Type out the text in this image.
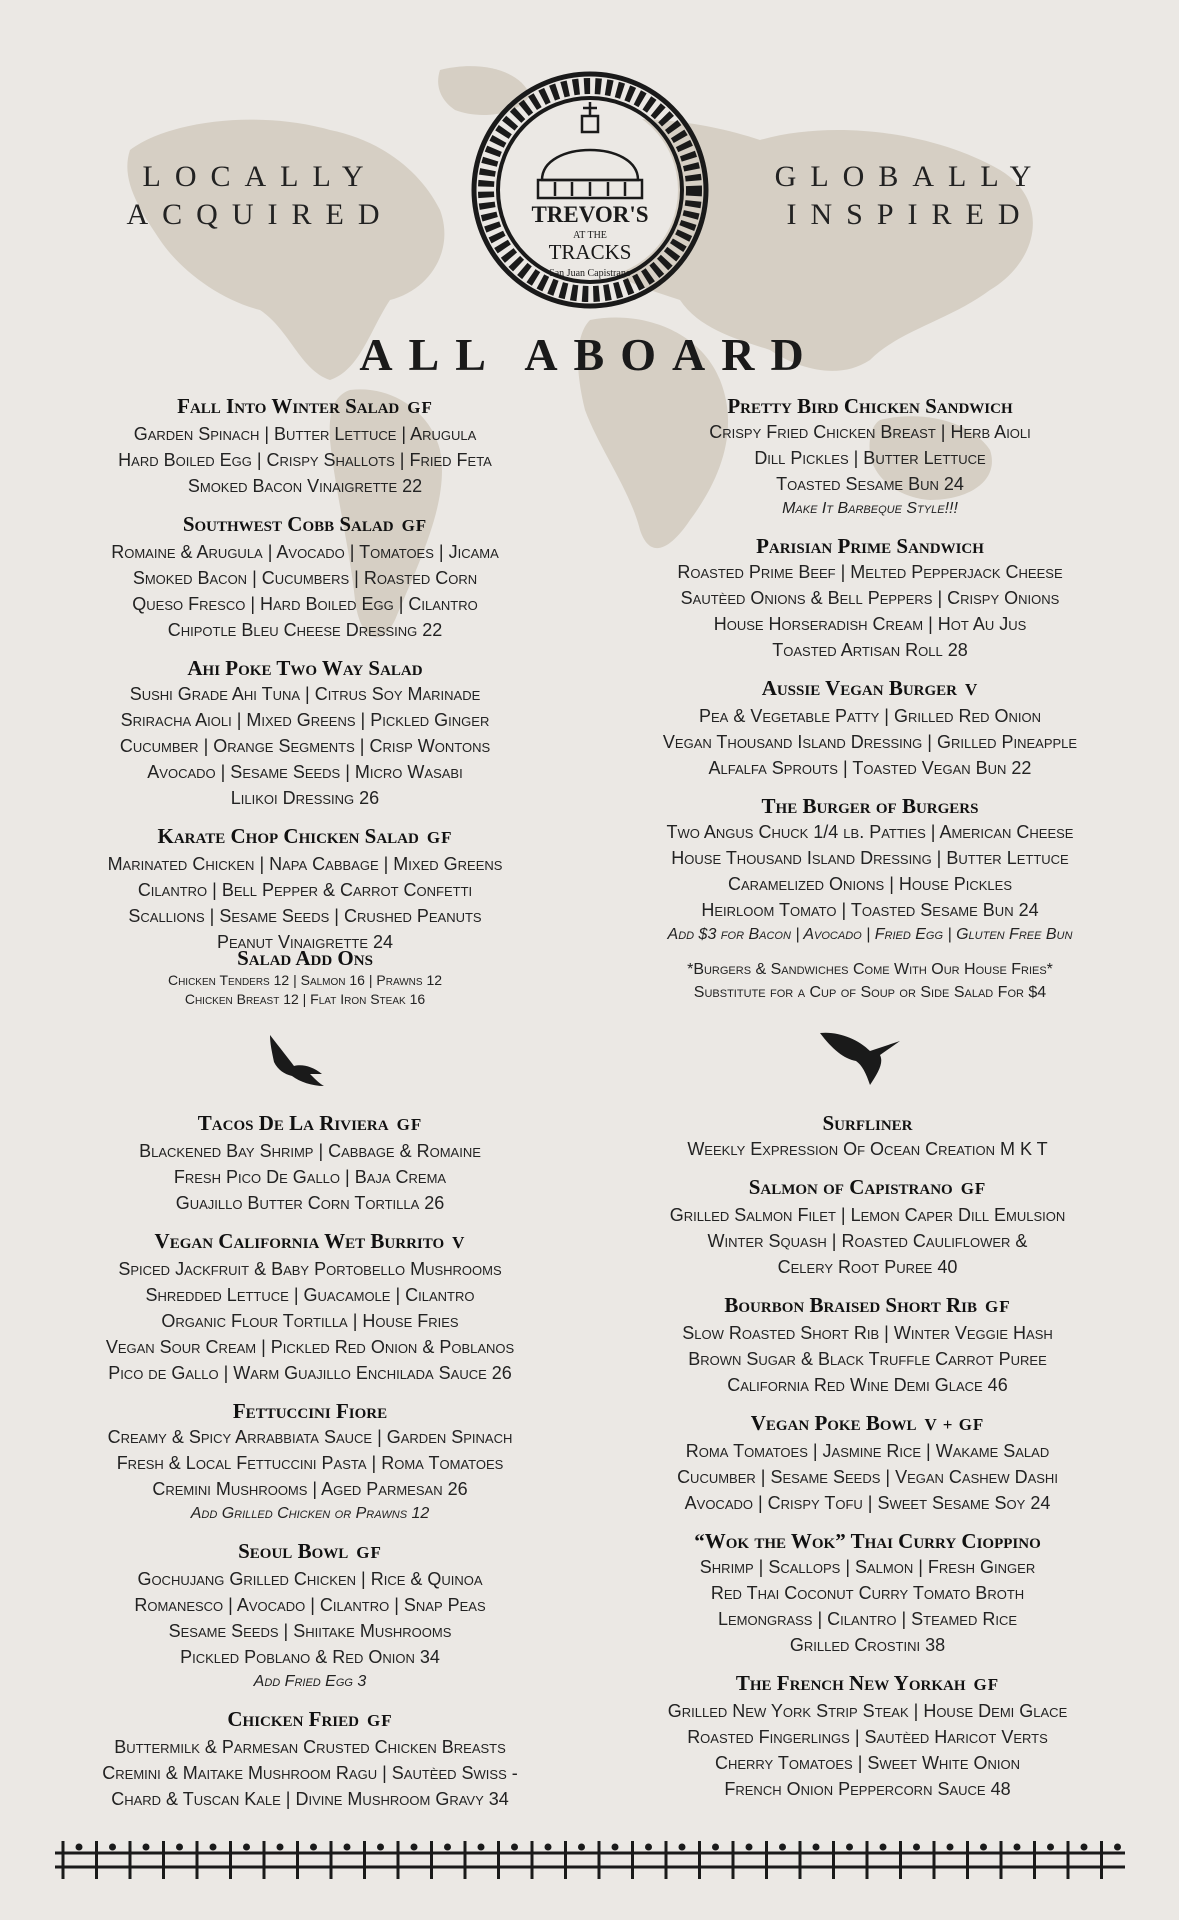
LOCALLY
ACQUIRED
GLOBALLY
INSPIRED
TREVOR'S
AT THE
TRACKS
San Juan Capistrano
ALL ABOARD
Fall Into Winter Salad GF
Garden Spinach | Butter Lettuce | Arugula
Hard Boiled Egg | Crispy Shallots | Fried Feta
Smoked Bacon Vinaigrette 22
Southwest Cobb Salad GF
Romaine & Arugula | Avocado | Tomatoes | Jicama
Smoked Bacon | Cucumbers | Roasted Corn
Queso Fresco | Hard Boiled Egg | Cilantro
Chipotle Bleu Cheese Dressing 22
Ahi Poke Two Way Salad
Sushi Grade Ahi Tuna | Citrus Soy Marinade
Sriracha Aioli | Mixed Greens | Pickled Ginger
Cucumber | Orange Segments | Crisp Wontons
Avocado | Sesame Seeds | Micro Wasabi
Lilikoi Dressing 26
Karate Chop Chicken Salad GF
Marinated Chicken | Napa Cabbage | Mixed Greens
Cilantro | Bell Pepper & Carrot Confetti
Scallions | Sesame Seeds | Crushed Peanuts
Peanut Vinaigrette 24
Salad Add Ons
Chicken Tenders 12 | Salmon 16 | Prawns 12
Chicken Breast 12 | Flat Iron Steak 16
Pretty Bird Chicken Sandwich
Crispy Fried Chicken Breast | Herb Aioli
Dill Pickles | Butter Lettuce
Toasted Sesame Bun 24
Make It Barbeque Style!!!
Parisian Prime Sandwich
Roasted Prime Beef | Melted Pepperjack Cheese
Sautèed Onions & Bell Peppers | Crispy Onions
House Horseradish Cream | Hot Au Jus
Toasted Artisan Roll 28
Aussie Vegan Burger V
Pea & Vegetable Patty | Grilled Red Onion
Vegan Thousand Island Dressing | Grilled Pineapple
Alfalfa Sprouts | Toasted Vegan Bun 22
The Burger of Burgers
Two Angus Chuck 1/4 lb. Patties | American Cheese
House Thousand Island Dressing | Butter Lettuce
Caramelized Onions | House Pickles
Heirloom Tomato | Toasted Sesame Bun 24
Add $3 for Bacon | Avocado | Fried Egg | Gluten Free Bun
*Burgers & Sandwiches Come With Our House Fries*
Substitute for a Cup of Soup or Side Salad For $4
Tacos De La Riviera GF
Blackened Bay Shrimp | Cabbage & Romaine
Fresh Pico De Gallo | Baja Crema
Guajillo Butter Corn Tortilla 26
Vegan California Wet Burrito V
Spiced Jackfruit & Baby Portobello Mushrooms
Shredded Lettuce | Guacamole | Cilantro
Organic Flour Tortilla | House Fries
Vegan Sour Cream | Pickled Red Onion & Poblanos
Pico de Gallo | Warm Guajillo Enchilada Sauce 26
Fettuccini Fiore
Creamy & Spicy Arrabbiata Sauce | Garden Spinach
Fresh & Local Fettuccini Pasta | Roma Tomatoes
Cremini Mushrooms | Aged Parmesan 26
Add Grilled Chicken or Prawns 12
Seoul Bowl GF
Gochujang Grilled Chicken | Rice & Quinoa
Romanesco | Avocado | Cilantro | Snap Peas
Sesame Seeds | Shiitake Mushrooms
Pickled Poblano & Red Onion 34
Add Fried Egg 3
Chicken Fried GF
Buttermilk & Parmesan Crusted Chicken Breasts
Cremini & Maitake Mushroom Ragu | Sautèed Swiss -
Chard & Tuscan Kale | Divine Mushroom Gravy 34
Surfliner
Weekly Expression Of Ocean Creation M K T
Salmon of Capistrano GF
Grilled Salmon Filet | Lemon Caper Dill Emulsion
Winter Squash | Roasted Cauliflower &
Celery Root Puree 40
Bourbon Braised Short Rib GF
Slow Roasted Short Rib | Winter Veggie Hash
Brown Sugar & Black Truffle Carrot Puree
California Red Wine Demi Glace 46
Vegan Poke Bowl V + GF
Roma Tomatoes | Jasmine Rice | Wakame Salad
Cucumber | Sesame Seeds | Vegan Cashew Dashi
Avocado | Crispy Tofu | Sweet Sesame Soy 24
“Wok the Wok” Thai Curry Cioppino
Shrimp | Scallops | Salmon | Fresh Ginger
Red Thai Coconut Curry Tomato Broth
Lemongrass | Cilantro | Steamed Rice
Grilled Crostini 38
The French New Yorkah GF
Grilled New York Strip Steak | House Demi Glace
Roasted Fingerlings | Sautèed Haricot Verts
Cherry Tomatoes | Sweet White Onion
French Onion Peppercorn Sauce 48
